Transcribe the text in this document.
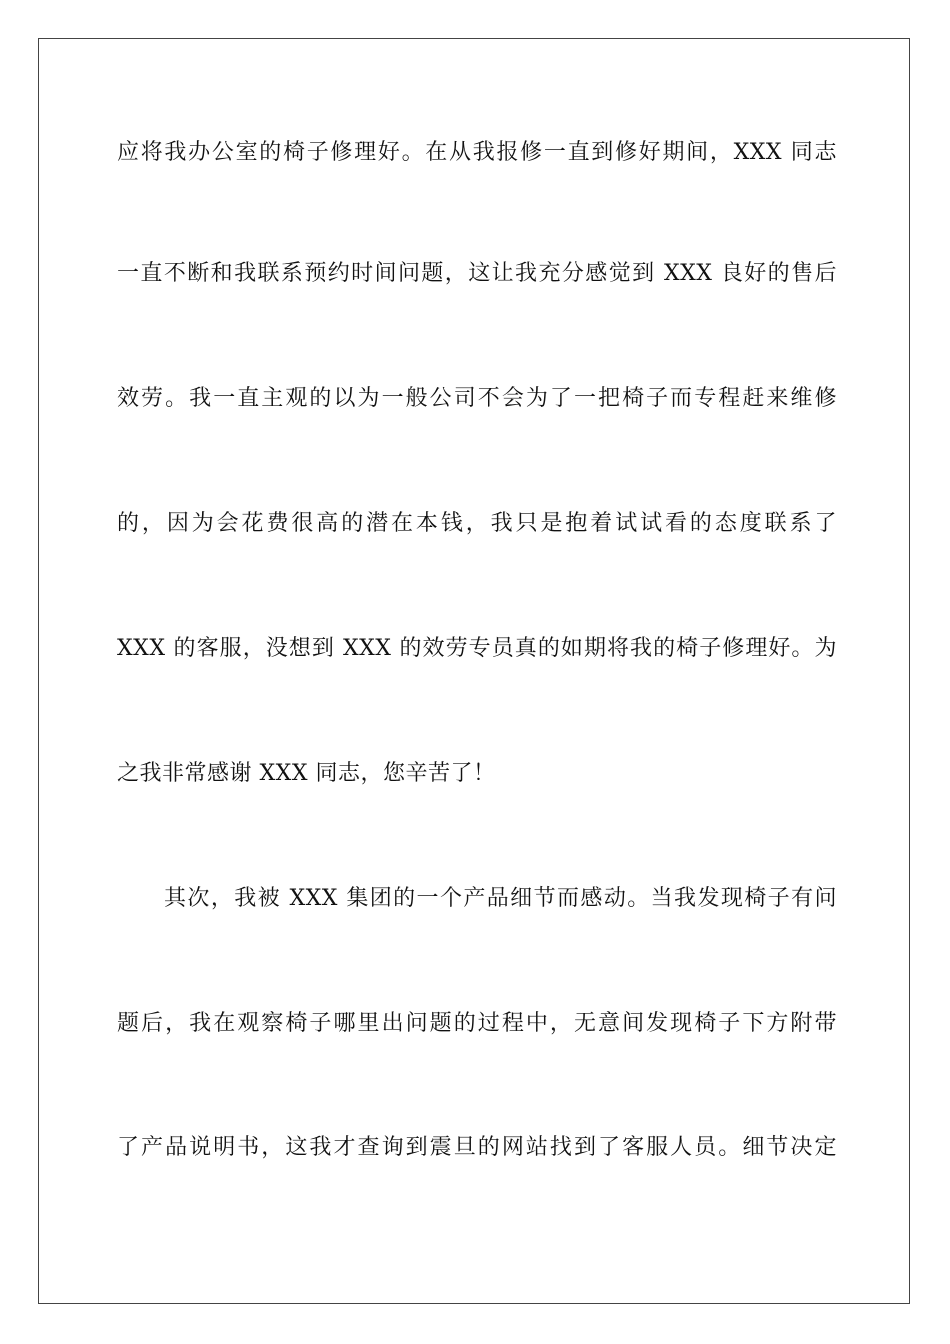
应将我办公室的椅子修理好。在从我报修一直到修好期间，XXX 同志
一直不断和我联系预约时间问题，这让我充分感觉到 XXX 良好的售后
效劳。我一直主观的以为一般公司不会为了一把椅子而专程赶来维修
的，因为会花费很高的潜在本钱，我只是抱着试试看的态度联系了
XXX 的客服，没想到 XXX 的效劳专员真的如期将我的椅子修理好。为
之我非常感谢 XXX 同志，您辛苦了！
其次，我被 XXX 集团的一个产品细节而感动。当我发现椅子有问
题后，我在观察椅子哪里出问题的过程中，无意间发现椅子下方附带
了产品说明书，这我才查询到震旦的网站找到了客服人员。细节决定
